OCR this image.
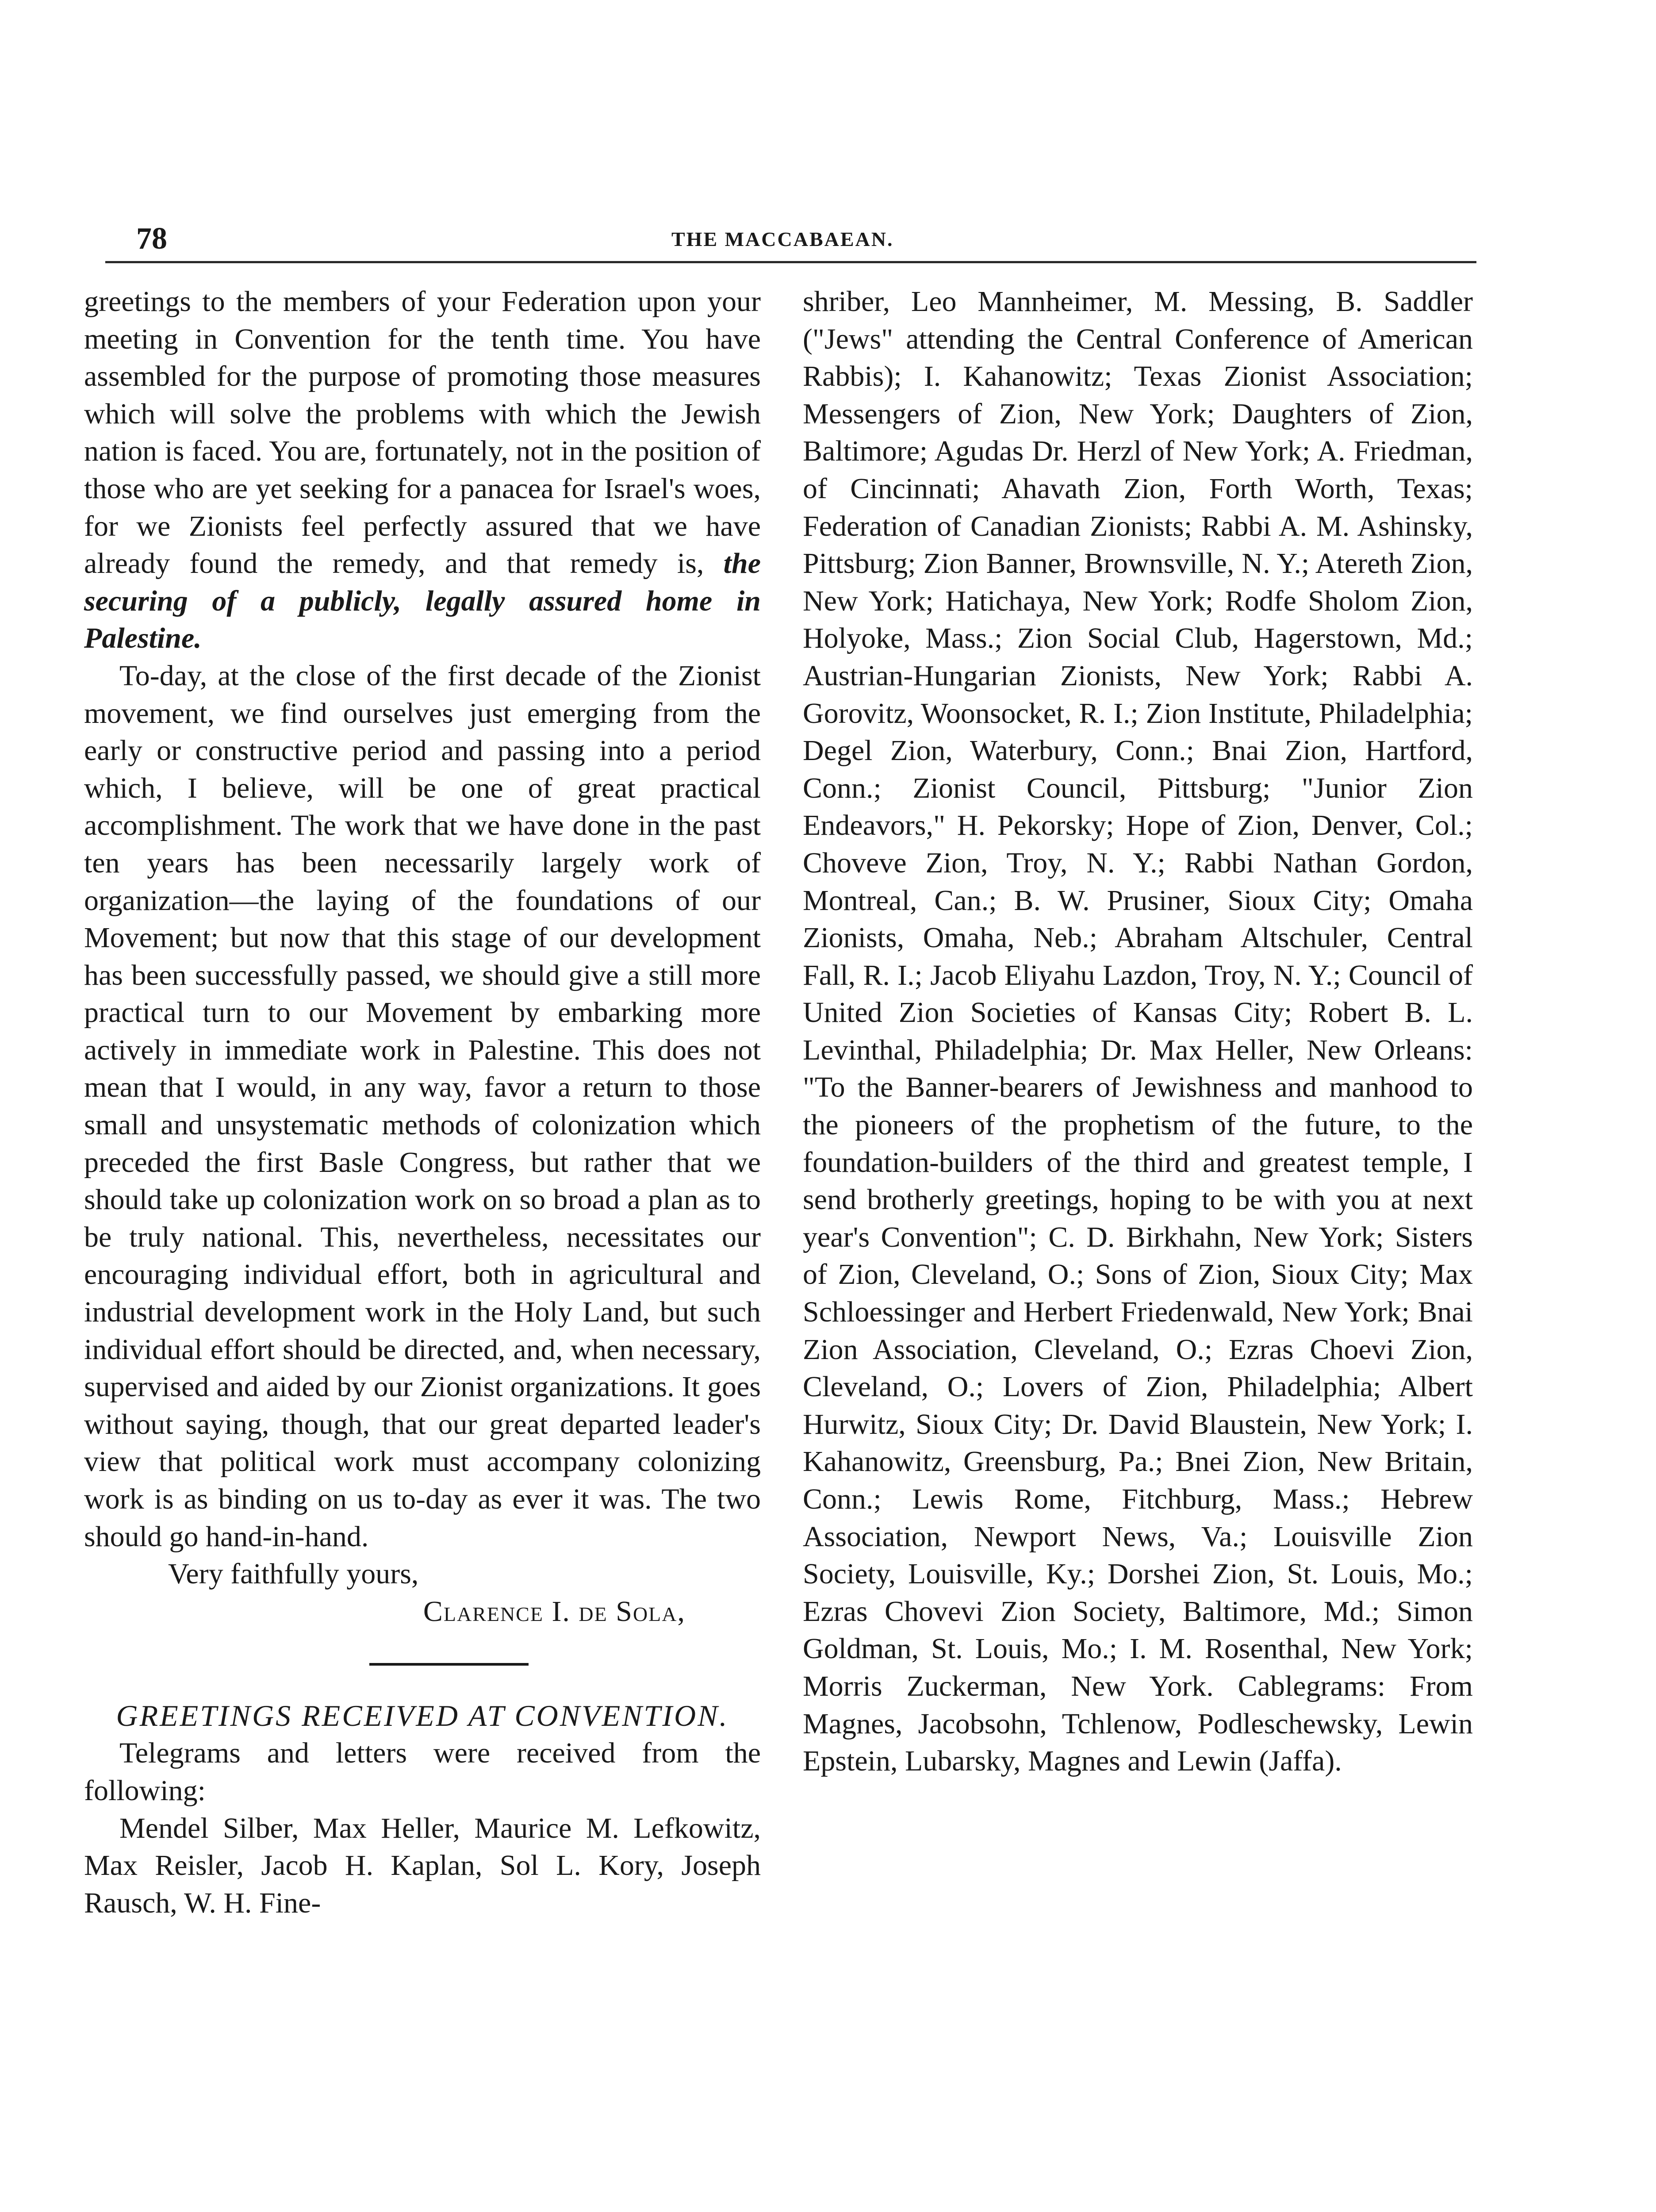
78	THE MACCABAEAN.

greetings to the members of your Federation upon your meeting in Convention for the tenth time. You have assembled for the purpose of promoting those measures which will solve the problems with which the Jewish nation is faced. You are, fortunately, not in the position of those who are yet seeking for a panacea for Israel's woes, for we Zionists feel perfectly assured that we have already found the remedy, and that remedy is, the securing of a publicly, legally assured home in Palestine.

To-day, at the close of the first decade of the Zionist movement, we find ourselves just emerging from the early or constructive period and passing into a period which, I believe, will be one of great practical accomplishment. The work that we have done in the past ten years has been necessarily largely work of organization—the laying of the foundations of our Movement; but now that this stage of our development has been successfully passed, we should give a still more practical turn to our Movement by embarking more actively in immediate work in Palestine. This does not mean that I would, in any way, favor a return to those small and unsystematic methods of colonization which preceded the first Basle Congress, but rather that we should take up colonization work on so broad a plan as to be truly national. This, nevertheless, necessitates our encouraging individual effort, both in agricultural and industrial development work in the Holy Land, but such individual effort should be directed, and, when necessary, supervised and aided by our Zionist organizations. It goes without saying, though, that our great departed leader's view that political work must accompany colonizing work is as binding on us to-day as ever it was. The two should go hand-in-hand.

Very faithfully yours,

Clarence I. de Sola,

GREETINGS RECEIVED AT CONVENTION.

Telegrams and letters were received from the following:

Mendel Silber, Max Heller, Maurice M. Lefkowitz, Max Reisler, Jacob H. Kaplan, Sol L. Kory, Joseph Rausch, W. H. Fine-

shriber, Leo Mannheimer, M. Messing, B. Saddler ("Jews" attending the Central Conference of American Rabbis); I. Kahanowitz; Texas Zionist Association; Messengers of Zion, New York; Daughters of Zion, Baltimore; Agudas Dr. Herzl of New York; A. Friedman, of Cincinnati; Ahavath Zion, Forth Worth, Texas; Federation of Canadian Zionists; Rabbi A. M. Ashinsky, Pittsburg; Zion Banner, Brownsville, N. Y.; Atereth Zion, New York; Hatichaya, New York; Rodfe Sholom Zion, Holyoke, Mass.; Zion Social Club, Hagerstown, Md.; Austrian-Hungarian Zionists, New York; Rabbi A. Gorovitz, Woonsocket, R. I.; Zion Institute, Philadelphia; Degel Zion, Waterbury, Conn.; Bnai Zion, Hartford, Conn.; Zionist Council, Pittsburg; "Junior Zion Endeavors," H. Pekorsky; Hope of Zion, Denver, Col.; Choveve Zion, Troy, N. Y.; Rabbi Nathan Gordon, Montreal, Can.; B. W. Prusiner, Sioux City; Omaha Zionists, Omaha, Neb.; Abraham Altschuler, Central Fall, R. I.; Jacob Eliyahu Lazdon, Troy, N. Y.; Council of United Zion Societies of Kansas City; Robert B. L. Levinthal, Philadelphia; Dr. Max Heller, New Orleans: "To the Banner-bearers of Jewishness and manhood to the pioneers of the prophetism of the future, to the foundation-builders of the third and greatest temple, I send brotherly greetings, hoping to be with you at next year's Convention"; C. D. Birkhahn, New York; Sisters of Zion, Cleveland, O.; Sons of Zion, Sioux City; Max Schloessinger and Herbert Friedenwald, New York; Bnai Zion Association, Cleveland, O.; Ezras Choevi Zion, Cleveland, O.; Lovers of Zion, Philadelphia; Albert Hurwitz, Sioux City; Dr. David Blaustein, New York; I. Kahanowitz, Greensburg, Pa.; Bnei Zion, New Britain, Conn.; Lewis Rome, Fitchburg, Mass.; Hebrew Association, Newport News, Va.; Louisville Zion Society, Louisville, Ky.; Dorshei Zion, St. Louis, Mo.; Ezras Chovevi Zion Society, Baltimore, Md.; Simon Goldman, St. Louis, Mo.; I. M. Rosenthal, New York; Morris Zuckerman, New York. Cablegrams: From Magnes, Jacobsohn, Tchlenow, Podleschewsky, Lewin Epstein, Lubarsky, Magnes and Lewin (Jaffa).
